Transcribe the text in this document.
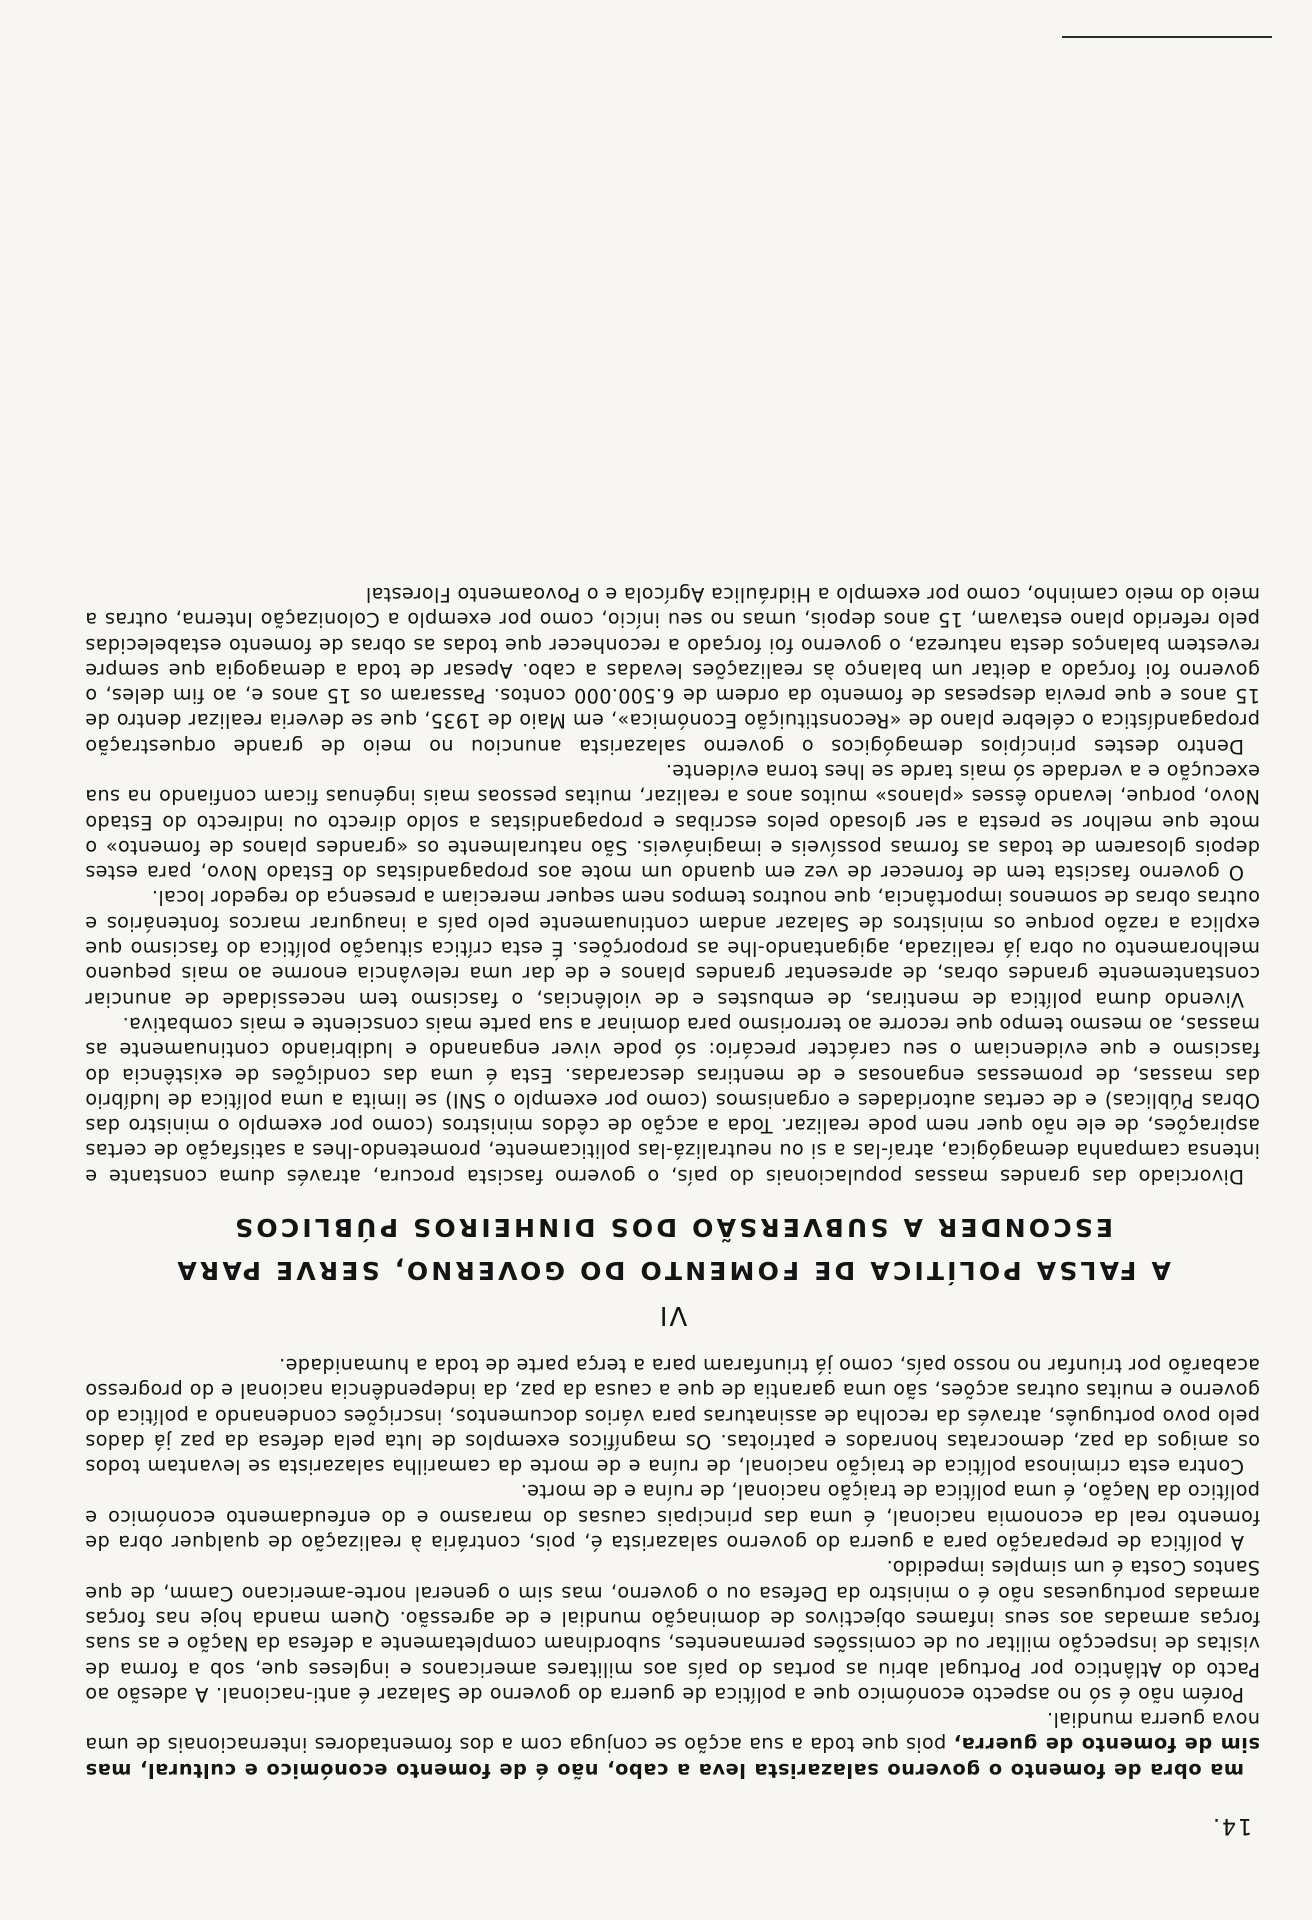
14.

ma obra de fomento o governo salazarista leva a cabo, não é de fomento económico e cultural, mas sim de fomento de guerra, pois que toda a sua acção se conjuga com a dos fomentadores internacionais de uma nova guerra mundial.

Porém não é só no aspecto económico que a política de guerra do governo de Salazar é anti-nacional. A adesão ao Pacto do Atlântico por Portugal abriu as portas do país aos militares americanos e ingleses que, sob a forma de visitas de inspecção militar ou de comissões permanentes, subordinam completamente a defesa da Nação e as suas forças armadas aos seus infames objectivos de dominação mundial e de agressão. Quem manda hoje nas forças armadas portuguesas não é o ministro da Defesa ou o governo, mas sim o general norte-americano Camm, de que Santos Costa é um simples impedido.

A política de preparação para a guerra do governo salazarista é, pois, contrária à realização de qualquer obra de fomento real da economia nacional, é uma das principais causas do marasmo e do enfeudamento económico e político da Nação, é uma política de traição nacional, de ruína e de morte.

Contra esta criminosa política de traição nacional, de ruína e de morte da camarilha salazarista se levantam todos os amigos da paz, democratas honrados e patriotas. Os magníficos exemplos de luta pela defesa da paz já dados pelo povo português, através da recolha de assinaturas para vários documentos, inscrições condenando a política do governo e muitas outras acções, são uma garantia de que a causa da paz, da independência nacional e do progresso acabarão por triunfar no nosso país, como já triunfaram para a terça parte de toda a humanidade.

VI
A FALSA POLÍTICA DE FOMENTO DO GOVERNO, SERVE PARA
ESCONDER A SUBVERSÃO DOS DINHEIROS PÚBLICOS

Divorciado das grandes massas populacionais do país, o governo fascista procura, através duma constante e intensa campanha demagógica, atraí-las a si ou neutralizá-las politicamente, prometendo-lhes a satisfação de certas aspirações, de ele não quer nem pode realizar. Toda a acção de cêdos ministros (como por exemplo o ministro das Obras Públicas) e de certas autoridades e organismos (como por exemplo o SNI) se limita a uma política de ludíbrio das massas, de promessas enganosas e de mentiras descaradas. Esta é uma das condições de existência do fascismo e que evidenciam o seu carácter precário: só pode viver enganando e ludibriando continuamente as massas, ao mesmo tempo que recorre ao terrorismo para dominar a sua parte mais consciente e mais combativa.

Vivendo duma política de mentiras, de embustes e de violências, o fascismo tem necessidade de anunciar constantemente grandes obras, de apresentar grandes planos e de dar uma relevância enorme ao mais pequeno melhoramento ou obra já realizada, agigantando-lhe as proporções. É esta crítica situação política do fascismo que explica a razão porque os ministros de Salazar andam continuamente pelo país a inaugurar marcos fontenários e outras obras de somenos importância, que noutros tempos nem sequer mereciam a presença do regedor local.

O governo fascista tem de fornecer de vez em quando um mote aos propagandistas do Estado Novo, para estes depois glosarem de todas as formas possíveis e imagináveis. São naturalmente os «grandes planos de fomento» o mote que melhor se presta a ser glosado pelos escribas e propagandistas a soldo directo ou indirecto do Estado Novo, porque, levando êsses «planos» muitos anos a realizar, muitas pessoas mais ingénuas ficam confiando na sua execução e a verdade só mais tarde se lhes torna evidente.

Dentro destes princípios demagógicos o governo salazarista anunciou no meio de grande orquestração propagandística o célebre plano de «Reconstituição Económica», em Maio de 1935, que se deveria realizar dentro de 15 anos e que previa despesas de fomento da ordem de 6.500.000 contos. Passaram os 15 anos e, ao fim deles, o governo foi forçado a deitar um balanço às realizações levadas a cabo. Apesar de toda a demagogia que sempre revestem balanços desta natureza, o governo foi forçado a reconhecer que todas as obras de fomento estabelecidas pelo referido plano estavam, 15 anos depois, umas no seu início, como por exemplo a Colonização Interna, outras a meio do meio caminho, como por exemplo a Hidráulica Agrícola e o Povoamento Florestal
